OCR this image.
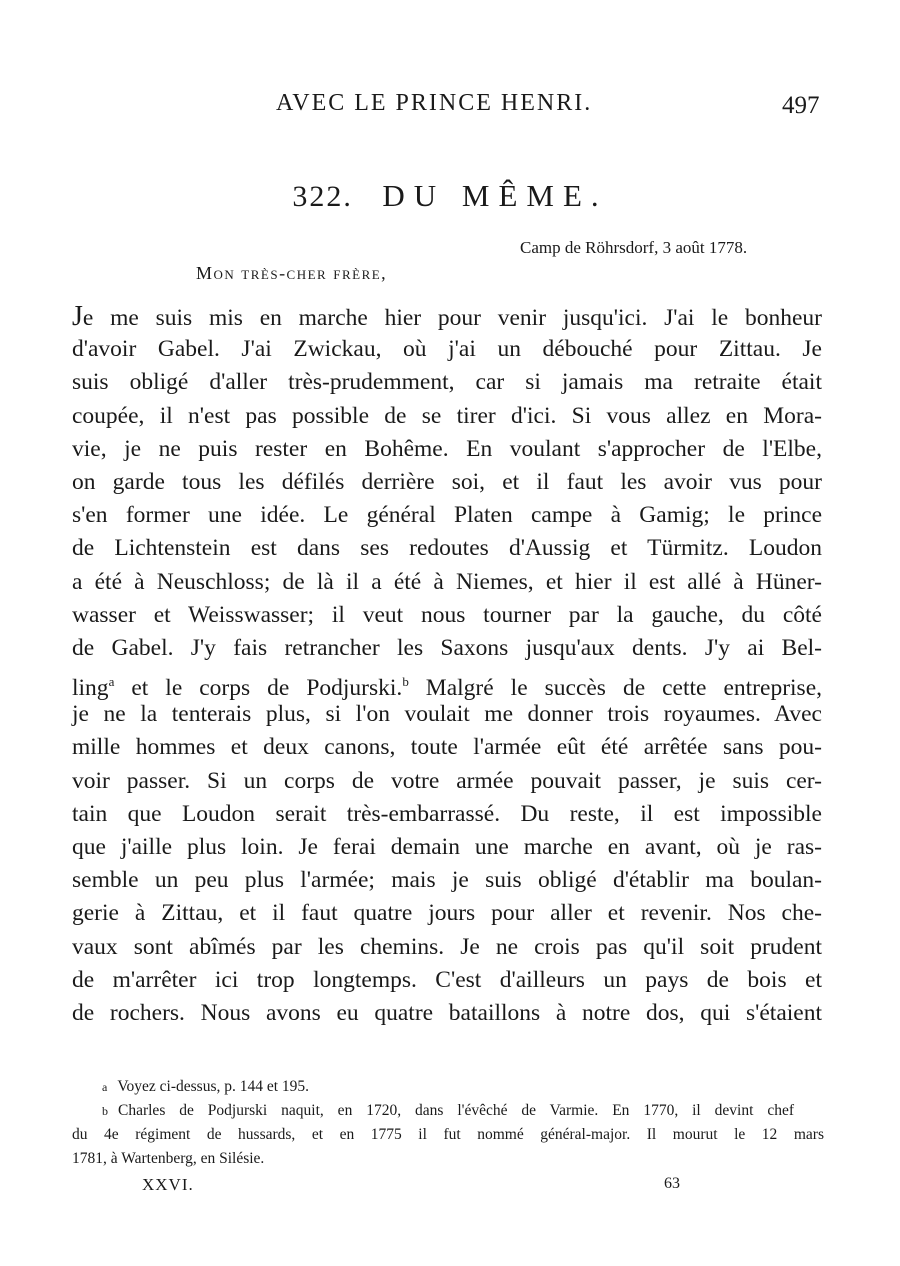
AVEC LE PRINCE HENRI.	497
322. DU MÊME.
Camp de Röhrsdorf, 3 août 1778.
Mon très-cher frère,
Je me suis mis en marche hier pour venir jusqu'ici. J'ai le bonheur
d'avoir Gabel. J'ai Zwickau, où j'ai un débouché pour Zittau. Je
suis obligé d'aller très-prudemment, car si jamais ma retraite était
coupée, il n'est pas possible de se tirer d'ici. Si vous allez en Mora-
vie, je ne puis rester en Bohême. En voulant s'approcher de l'Elbe,
on garde tous les défilés derrière soi, et il faut les avoir vus pour
s'en former une idée. Le général Platen campe à Gamig; le prince
de Lichtenstein est dans ses redoutes d'Aussig et Türmitz. Loudon
a été à Neuschloss; de là il a été à Niemes, et hier il est allé à Hüner-
wasser et Weisswasser; il veut nous tourner par la gauche, du côté
de Gabel. J'y fais retrancher les Saxons jusqu'aux dents. J'y ai Bel-
ling$^a$ et le corps de Podjurski.$^b$ Malgré le succès de cette entreprise,
je ne la tenterais plus, si l'on voulait me donner trois royaumes. Avec
mille hommes et deux canons, toute l'armée eût été arrêtée sans pou-
voir passer. Si un corps de votre armée pouvait passer, je suis cer-
tain que Loudon serait très-embarrassé. Du reste, il est impossible
que j'aille plus loin. Je ferai demain une marche en avant, où je ras-
semble un peu plus l'armée; mais je suis obligé d'établir ma boulan-
gerie à Zittau, et il faut quatre jours pour aller et revenir. Nos che-
vaux sont abîmés par les chemins. Je ne crois pas qu'il soit prudent
de m'arrêter ici trop longtemps. C'est d'ailleurs un pays de bois et
de rochers. Nous avons eu quatre bataillons à notre dos, qui s'étaient
a Voyez ci-dessus, p. 144 et 195.
b Charles de Podjurski naquit, en 1720, dans l'évêché de Varmie. En 1770, il devint chef
du 4e régiment de hussards, et en 1775 il fut nommé général-major. Il mourut le 12 mars
1781, à Wartenberg, en Silésie.
XXVI.	63
